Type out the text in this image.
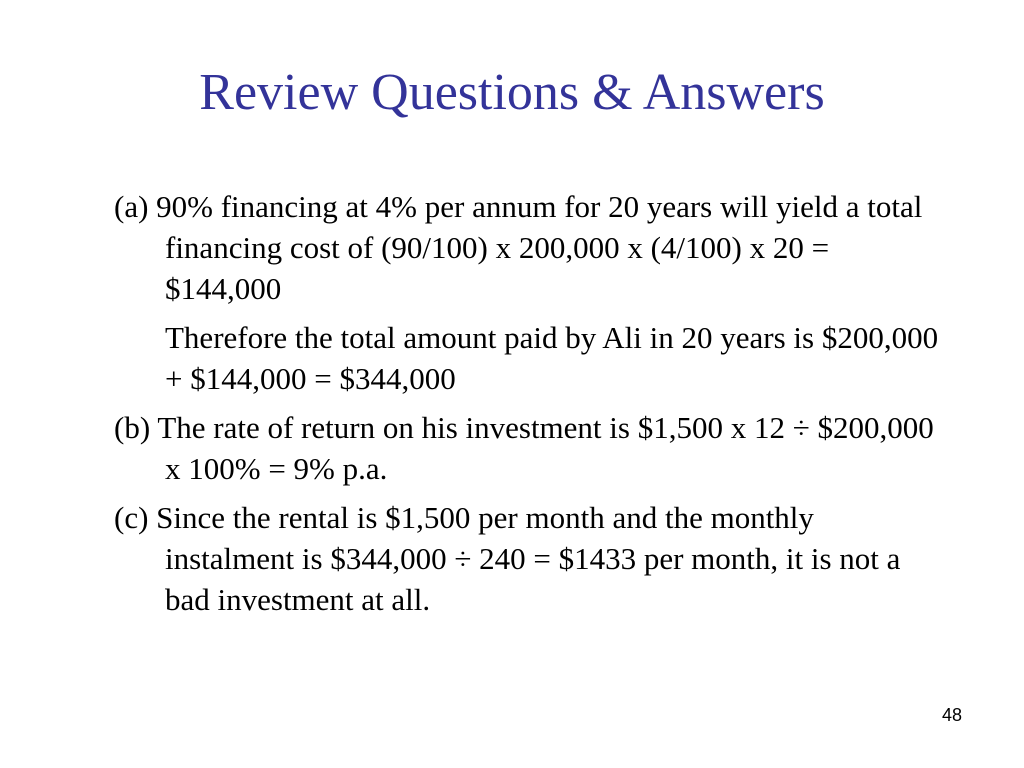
Review Questions & Answers

(a) 90% financing at 4% per annum for 20 years will yield a total financing cost of (90/100) x 200,000 x (4/100) x 20 = $144,000

Therefore the total amount paid by Ali in 20 years is $200,000 + $144,000 = $344,000

(b) The rate of return on his investment is $1,500 x 12 ÷ $200,000 x 100% = 9% p.a.

(c) Since the rental is $1,500 per month and the monthly instalment is $344,000 ÷ 240 = $1433 per month, it is not a bad investment at all.

48
